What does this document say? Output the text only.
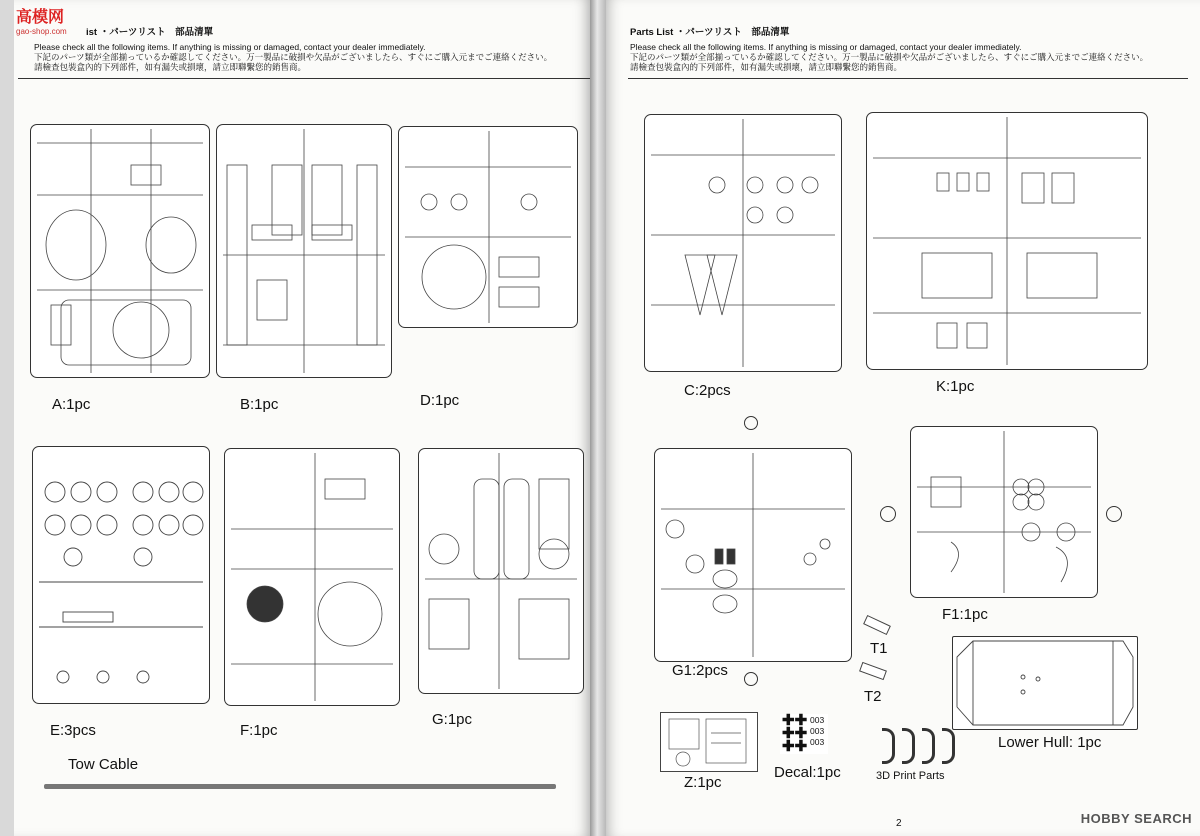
高模网
gao-shop.com	ist ・パーツリスト　部品清單
Please check all the following items. If anything is missing or damaged, contact your dealer immediately.
下記のパーツ類が全部揃っているか確認してください。万一製品に破損や欠品がございましたら、すぐにご購入元までご連絡ください。
請檢查包裝盒內的下列部件，如有漏失或損壞，請立即聯繫您的銷售商。
A:1pc	B:1pc	D:1pc
E:3pcs	F:1pc
G:1pc
Tow Cable
Parts List ・パーツリスト　部品清單
Please check all the following items. If anything is missing or damaged, contact your dealer immediately.
下記のパーツ類が全部揃っているか確認してください。万一製品に破損や欠品がございましたら、すぐにご購入元までご連絡ください。
請檢查包裝盒內的下列部件，如有漏失或損壞，請立即聯繫您的銷售商。
C:2pcs	K:1pc
G1:2pcs
F1:1pc
T1
T2
Lower Hull: 1pc
Z:1pc
✚✚
✚✚
✚✚
003
003
003
Decal:1pc	3D Print Parts
HOBBY SEARCH
2
